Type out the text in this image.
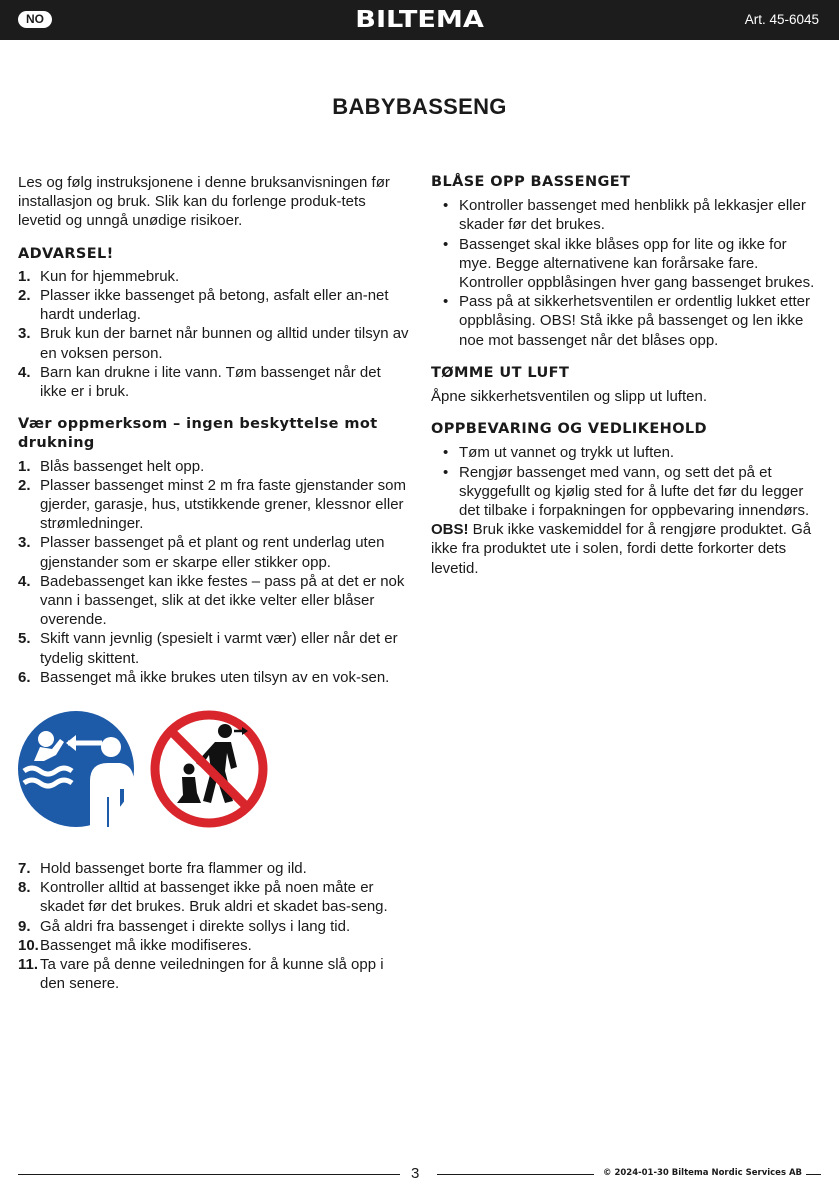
NO	BILTEMA	Art. 45-6045
BABYBASSENG

Les og følg instruksjonene i denne bruksanvisningen før installasjon og bruk. Slik kan du forlenge produk-tets levetid og unngå unødige risikoer.

ADVARSEL!
1. Kun for hjemmebruk.
2. Plasser ikke bassenget på betong, asfalt eller an-net hardt underlag.
3. Bruk kun der barnet når bunnen og alltid under tilsyn av en voksen person.
4. Barn kan drukne i lite vann. Tøm bassenget når det ikke er i bruk.
Vær oppmerksom – ingen beskyttelse mot drukning
1. Blås bassenget helt opp.
2. Plasser bassenget minst 2 m fra faste gjenstander som gjerder, garasje, hus, utstikkende grener, klessnor eller strømledninger.
3. Plasser bassenget på et plant og rent underlag uten gjenstander som er skarpe eller stikker opp.
4. Badebassenget kan ikke festes – pass på at det er nok vann i bassenget, slik at det ikke velter eller blåser overende.
5. Skift vann jevnlig (spesielt i varmt vær) eller når det er tydelig skittent.
6. Bassenget må ikke brukes uten tilsyn av en vok-sen.
7. Hold bassenget borte fra flammer og ild.
8. Kontroller alltid at bassenget ikke på noen måte er skadet før det brukes. Bruk aldri et skadet bas-seng.
9. Gå aldri fra bassenget i direkte sollys i lang tid.
10. Bassenget må ikke modifiseres.
11. Ta vare på denne veiledningen for å kunne slå opp i den senere.
BLÅSE OPP BASSENGET
• Kontroller bassenget med henblikk på lekkasjer eller skader før det brukes.
• Bassenget skal ikke blåses opp for lite og ikke for mye. Begge alternativene kan forårsake fare. Kontroller oppblåsingen hver gang bassenget brukes.
• Pass på at sikkerhetsventilen er ordentlig lukket etter oppblåsing. OBS! Stå ikke på bassenget og len ikke noe mot bassenget når det blåses opp.
TØMME UT LUFT

Åpne sikkerhetsventilen og slipp ut luften.

OPPBEVARING OG VEDLIKEHOLD
• Tøm ut vannet og trykk ut luften.
• Rengjør bassenget med vann, og sett det på et skyggefullt og kjølig sted for å lufte det før du legger det tilbake i forpakningen for oppbevaring innendørs.

OBS! Bruk ikke vaskemiddel for å rengjøre produktet. Gå ikke fra produktet ute i solen, fordi dette forkorter dets levetid.

3	© 2024-01-30 Biltema Nordic Services AB
